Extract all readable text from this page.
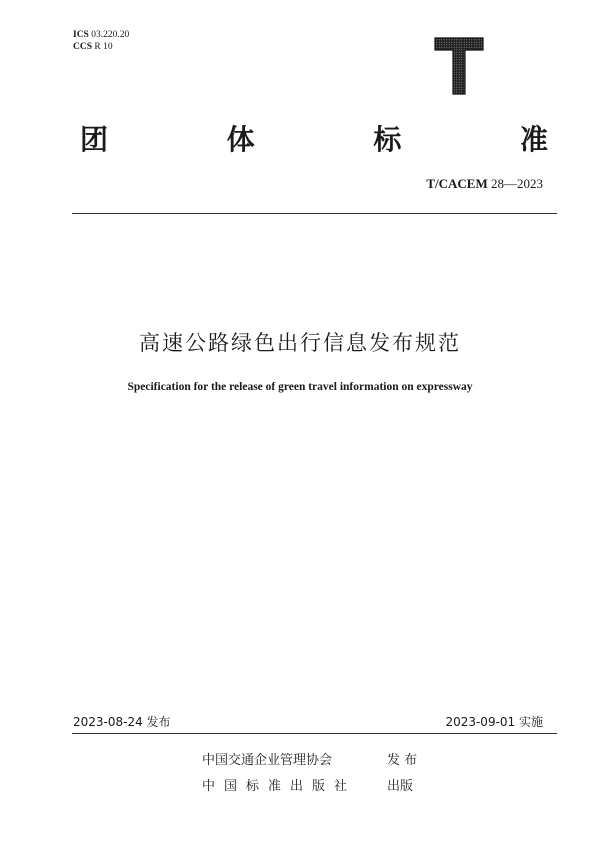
ICS 03.220.20
CCS R 10
T
团	体	标	准
T/CACEM 28—2023
高速公路绿色出行信息发布规范
Specification for the release of green travel information on expressway
2023-08-24 发布	2023-09-01 实施
中国交通企业管理协会	发 布
中国标准出版社	出版
